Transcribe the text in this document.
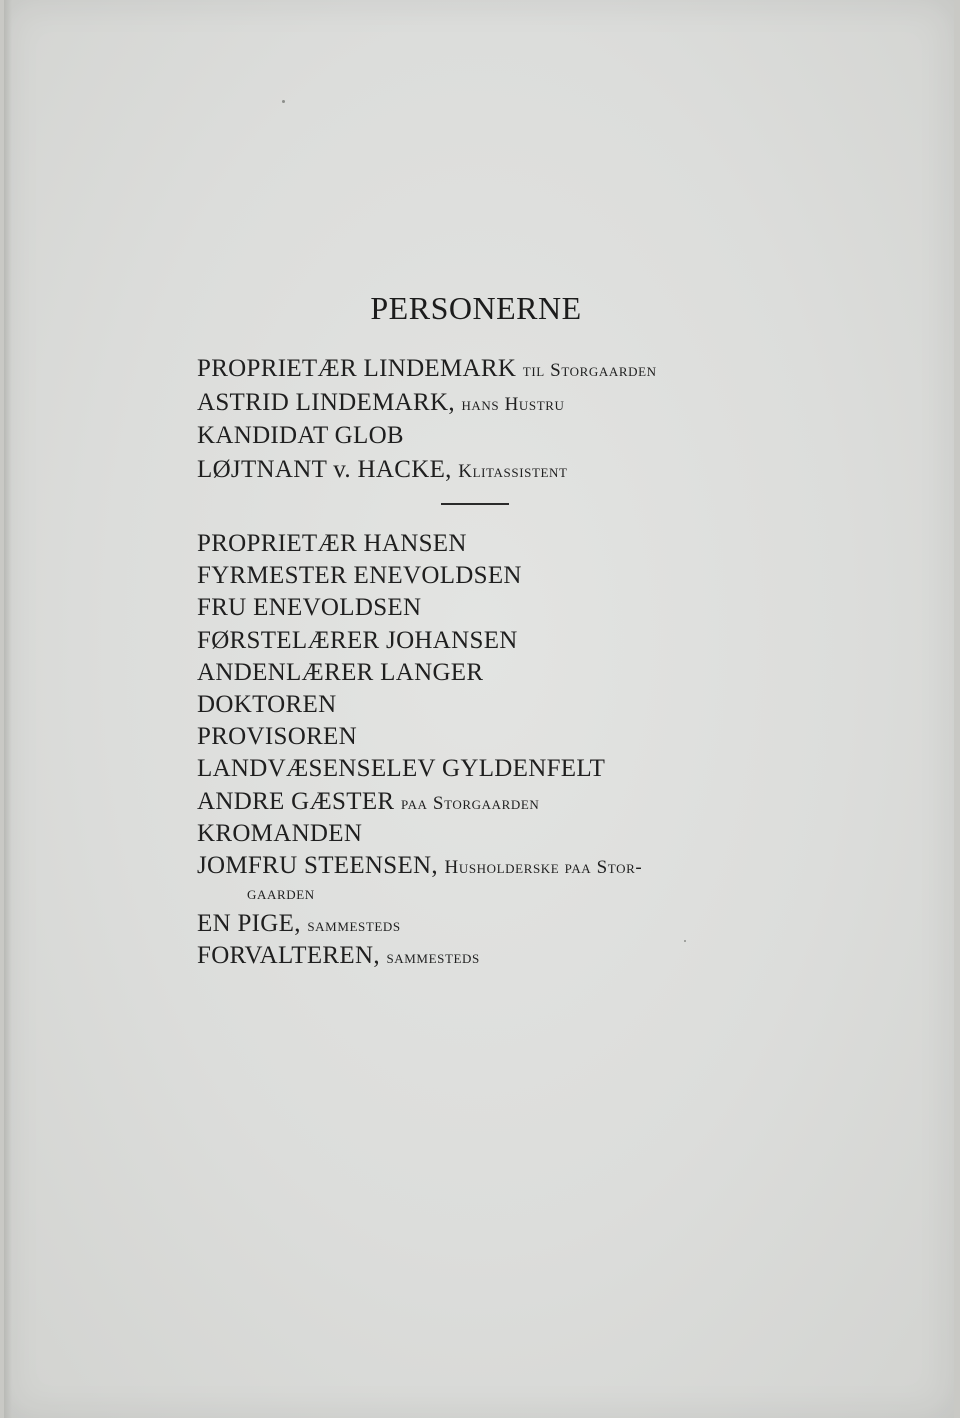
PERSONERNE
PROPRIETÆR LINDEMARK til Storgaarden
ASTRID LINDEMARK, hans Hustru
KANDIDAT GLOB
LØJTNANT v. HACKE, Klitassistent
PROPRIETÆR HANSEN
FYRMESTER ENEVOLDSEN
FRU ENEVOLDSEN
FØRSTELÆRER JOHANSEN
ANDENLÆRER LANGER
DOKTOREN
PROVISOREN
LANDVÆSENSELEV GYLDENFELT
ANDRE GÆSTER paa Storgaarden
KROMANDEN
JOMFRU STEENSEN, Husholderske paa Stor-
gaarden
EN PIGE, sammesteds
FORVALTEREN, sammesteds
